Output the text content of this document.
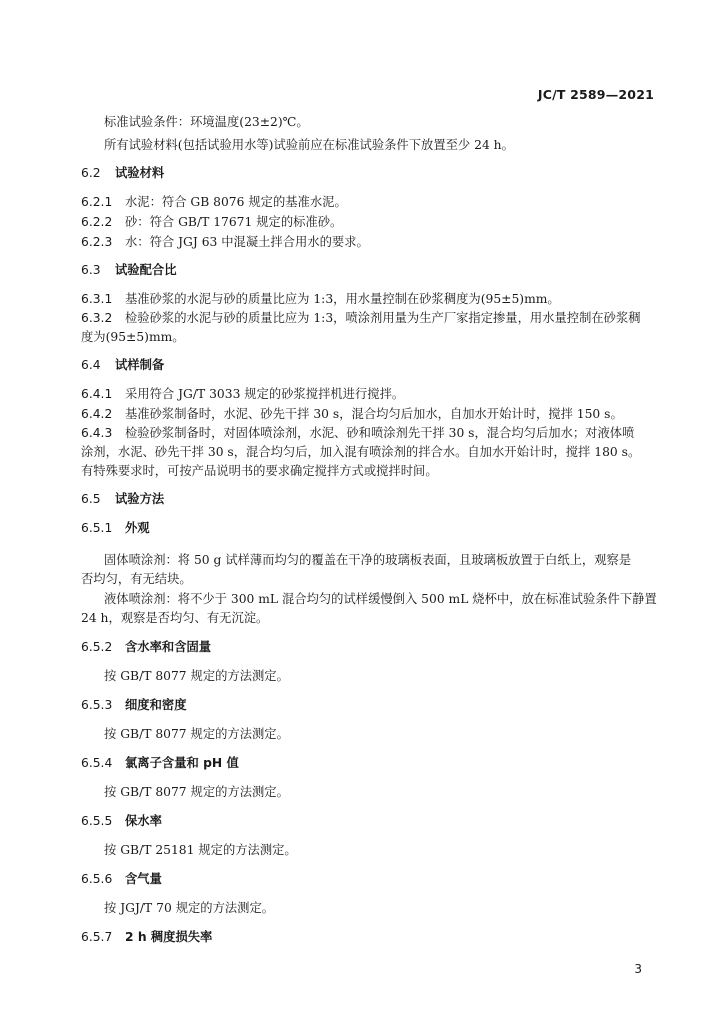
JC/T 2589—2021
标准试验条件：环境温度(23±2)℃。
所有试验材料(包括试验用水等)试验前应在标准试验条件下放置至少 24 h。
6.2 试验材料
6.2.1 水泥：符合 GB 8076 规定的基准水泥。
6.2.2 砂：符合 GB/T 17671 规定的标准砂。
6.2.3 水：符合 JGJ 63 中混凝土拌合用水的要求。
6.3 试验配合比
6.3.1 基准砂浆的水泥与砂的质量比应为 1:3，用水量控制在砂浆稠度为(95±5)mm。
6.3.2 检验砂浆的水泥与砂的质量比应为 1:3，喷涂剂用量为生产厂家指定掺量，用水量控制在砂浆稠
度为(95±5)mm。
6.4 试样制备
6.4.1 采用符合 JG/T 3033 规定的砂浆搅拌机进行搅拌。
6.4.2 基准砂浆制备时，水泥、砂先干拌 30 s，混合均匀后加水，自加水开始计时，搅拌 150 s。
6.4.3 检验砂浆制备时，对固体喷涂剂，水泥、砂和喷涂剂先干拌 30 s，混合均匀后加水；对液体喷
涂剂，水泥、砂先干拌 30 s，混合均匀后，加入混有喷涂剂的拌合水。自加水开始计时，搅拌 180 s。
有特殊要求时，可按产品说明书的要求确定搅拌方式或搅拌时间。
6.5 试验方法
6.5.1 外观
固体喷涂剂：将 50 g 试样薄而均匀的覆盖在干净的玻璃板表面，且玻璃板放置于白纸上，观察是
否均匀，有无结块。
液体喷涂剂：将不少于 300 mL 混合均匀的试样缓慢倒入 500 mL 烧杯中，放在标准试验条件下静置
24 h，观察是否均匀、有无沉淀。
6.5.2 含水率和含固量
按 GB/T 8077 规定的方法测定。
6.5.3 细度和密度
按 GB/T 8077 规定的方法测定。
6.5.4 氯离子含量和 pH 值
按 GB/T 8077 规定的方法测定。
6.5.5 保水率
按 GB/T 25181 规定的方法测定。
6.5.6 含气量
按 JGJ/T 70 规定的方法测定。
6.5.7 2 h 稠度损失率
3
